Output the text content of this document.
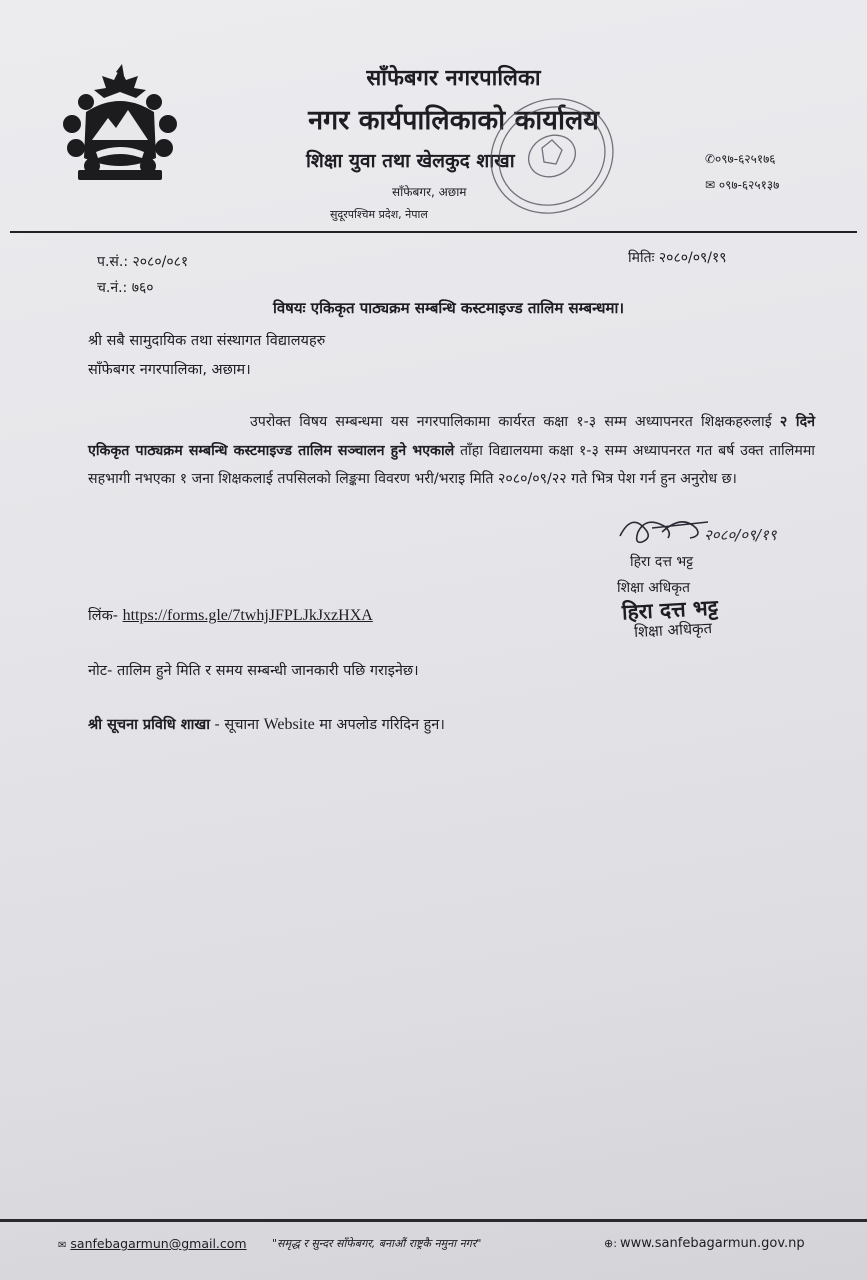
साँफेबगर नगरपालिका
नगर कार्यपालिकाको कार्यालय
शिक्षा युवा तथा खेलकुद शाखा
साँफेबगर, अछाम
सुदूरपश्चिम प्रदेश, नेपाल
✆०९७-६२५१७६
✉ ०९७-६२५१३७
प.सं.: २०८०/०८१	मितिः २०८०/०९/१९
च.नं.: ७६०
विषयः एकिकृत पाठ्यक्रम सम्बन्धि कस्टमाइज्ड तालिम सम्बन्धमा।
श्री सबै सामुदायिक तथा संस्थागत विद्यालयहरु
साँफेबगर नगरपालिका, अछाम।
उपरोक्त विषय सम्बन्धमा यस नगरपालिकामा कार्यरत कक्षा १-३ सम्म अध्यापनरत शिक्षकहरुलाई २ दिने एकिकृत पाठ्यक्रम सम्बन्धि कस्टमाइज्ड तालिम सञ्चालन हुने भएकाले ताँहा विद्यालयमा कक्षा १-३ सम्म अध्यापनरत गत बर्ष उक्त तालिममा सहभागी नभएका १ जना शिक्षकलाई तपसिलको लिङ्कमा विवरण भरी/भराइ मिति २०८०/०९/२२ गते भित्र पेश गर्न हुन अनुरोध छ।
२०८०/०९/१९
हिरा दत्त भट्ट
शिक्षा अधिकृत
हिरा दत्त भट्ट
शिक्षा अधिकृत
लिंक- https://forms.gle/7twhjJFPLJkJxzHXA
नोट- तालिम हुने मिति र समय सम्बन्धी जानकारी पछि गराइनेछ।
श्री सूचना प्रविधि शाखा - सूचाना Website मा अपलोड गरिदिन हुन।
✉ sanfebagarmun@gmail.com "समृद्ध र सुन्दर साँफेबगर, बनाऔं राष्ट्रकै नमुना नगर"	⊕: www.sanfebagarmun.gov.np
